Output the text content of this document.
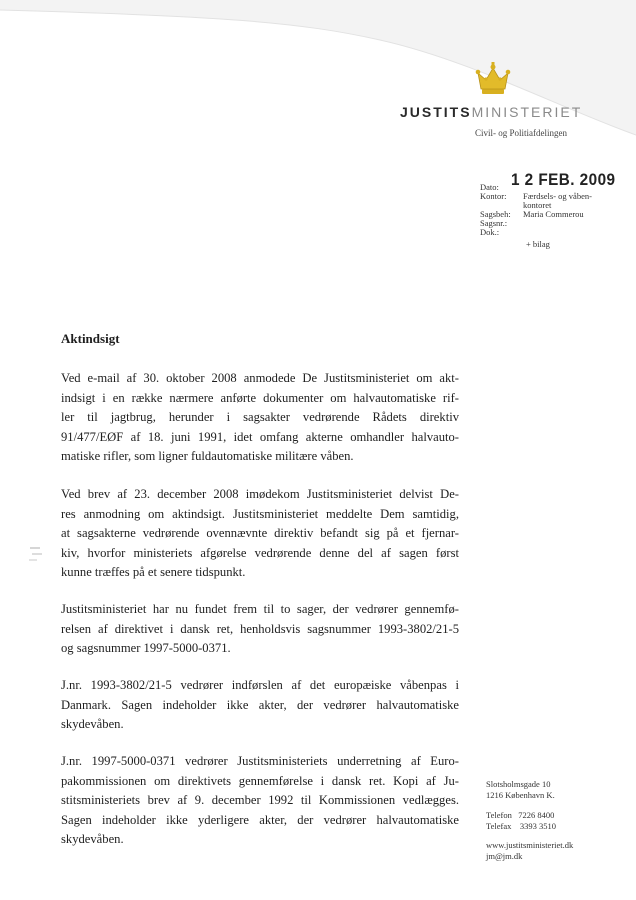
JUSTITSMINISTERIET
Civil- og Politiafdelingen
1 2 FEB. 2009
Dato:
Kontor: Færdsels- og våben-
kontoret
Sagsbeh: Maria Commerou
Sagsnr.:
Dok.:
+ bilag
Aktindsigt
Ved e-mail af 30. oktober 2008 anmodede De Justitsministeriet om akt-
indsigt i en række nærmere anførte dokumenter om halvautomatiske rif-
ler til jagtbrug, herunder i sagsakter vedrørende Rådets direktiv
91/477/EØF af 18. juni 1991, idet omfang akterne omhandler halvauto-
matiske rifler, som ligner fuldautomatiske militære våben.
Ved brev af 23. december 2008 imødekom Justitsministeriet delvist De-
res anmodning om aktindsigt. Justitsministeriet meddelte Dem samtidig,
at sagsakterne vedrørende ovennævnte direktiv befandt sig på et fjernar-
kiv, hvorfor ministeriets afgørelse vedrørende denne del af sagen først
kunne træffes på et senere tidspunkt.
Justitsministeriet har nu fundet frem til to sager, der vedrører gennemfø-
relsen af direktivet i dansk ret, henholdsvis sagsnummer 1993-3802/21-5
og sagsnummer 1997-5000-0371.
J.nr. 1993-3802/21-5 vedrører indførslen af det europæiske våbenpas i
Danmark. Sagen indeholder ikke akter, der vedrører halvautomatiske
skydevåben.
J.nr. 1997-5000-0371 vedrører Justitsministeriets underretning af Euro-
pakommissionen om direktivets gennemførelse i dansk ret. Kopi af Ju-
stitsministeriets brev af 9. december 1992 til Kommissionen vedlægges.
Sagen indeholder ikke yderligere akter, der vedrører halvautomatiske
skydevåben.
Slotsholmsgade 10
1216 København K.
Telefon 7226 8400
Telefax 3393 3510
www.justitsministeriet.dk
jm@jm.dk
